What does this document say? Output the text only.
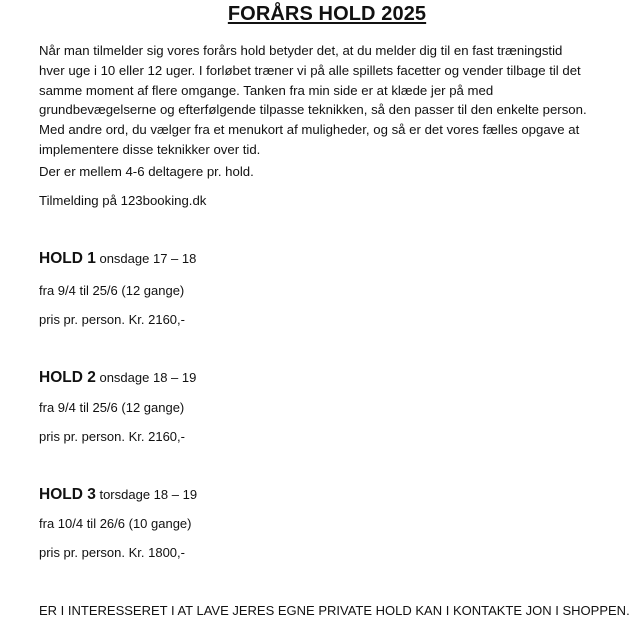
FORÅRS HOLD 2025
Når man tilmelder sig vores forårs hold betyder det, at du melder dig til en fast træningstid
hver uge i 10 eller 12 uger. I forløbet træner vi på alle spillets facetter og vender tilbage til det
samme moment af flere omgange. Tanken fra min side er at klæde jer på med
grundbevægelserne og efterfølgende tilpasse teknikken, så den passer til den enkelte person.
Med andre ord, du vælger fra et menukort af muligheder, og så er det vores fælles opgave at
implementere disse teknikker over tid.
Der er mellem 4-6 deltagere pr. hold.
Tilmelding på 123booking.dk
HOLD 1 onsdage 17 – 18
fra 9/4 til 25/6 (12 gange)
pris pr. person. Kr. 2160,-
HOLD 2 onsdage 18 – 19
fra 9/4 til 25/6 (12 gange)
pris pr. person. Kr. 2160,-
HOLD 3 torsdage 18 – 19
fra 10/4 til 26/6 (10 gange)
pris pr. person. Kr. 1800,-
ER I INTERESSERET I AT LAVE JERES EGNE PRIVATE HOLD KAN I KONTAKTE JON I SHOPPEN.
